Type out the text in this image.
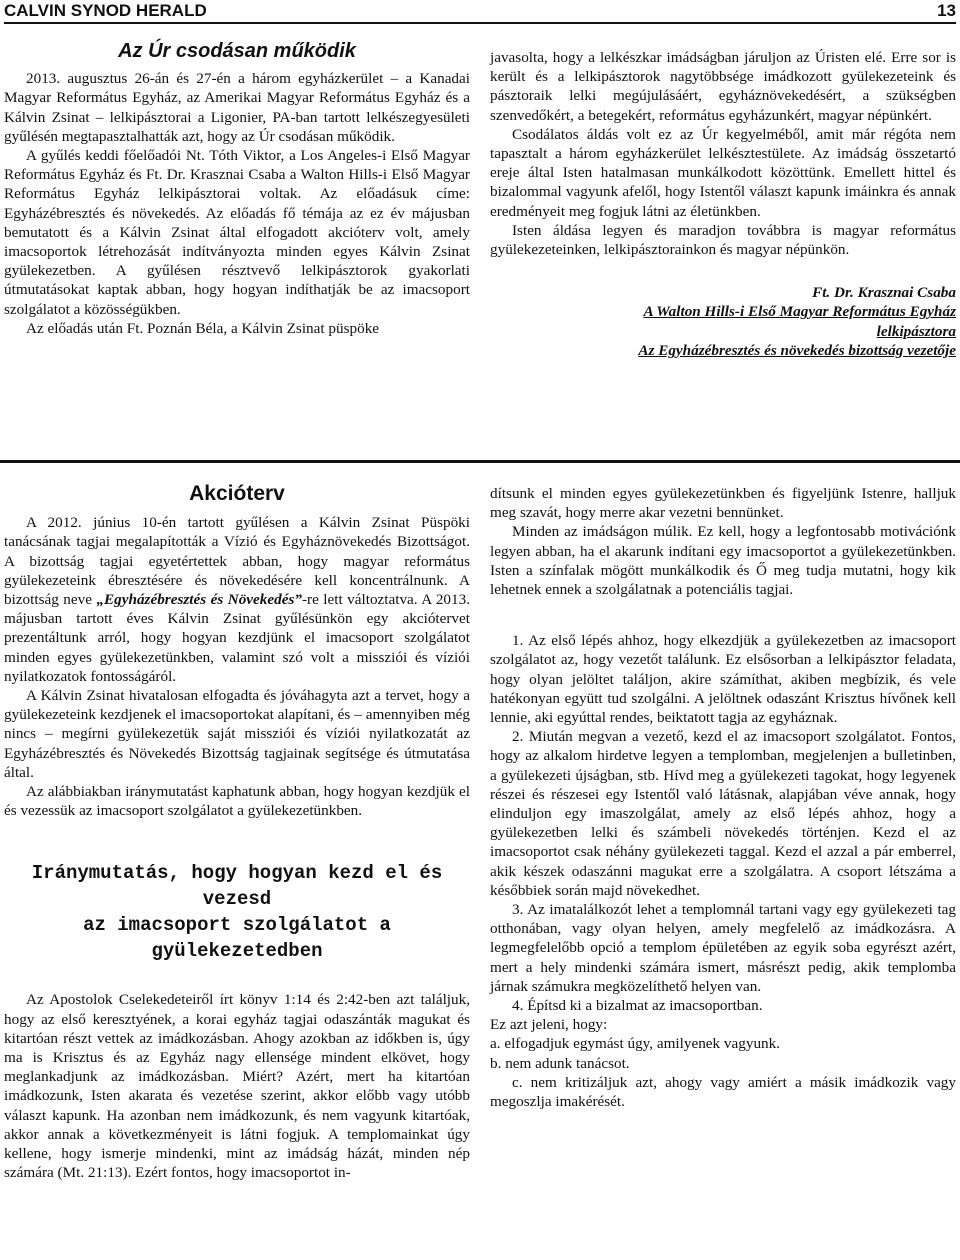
CALVIN SYNOD HERALD	13
Az Úr csodásan működik

2013. augusztus 26-án és 27-én a három egyházkerület – a Kanadai Magyar Református Egyház, az Amerikai Magyar Református Egyház és a Kálvin Zsinat – lelkipásztorai a Ligonier, PA-ban tartott lelkészegyesületi gyűlésén megtapasztalhatták azt, hogy az Úr csodásan működik.

A gyűlés keddi főelőadói Nt. Tóth Viktor, a Los Angeles-i Első Magyar Református Egyház és Ft. Dr. Krasznai Csaba a Walton Hills-i Első Magyar Református Egyház lelkipásztorai voltak. Az előadásuk címe: Egyházébresztés és növekedés. Az előadás fő témája az ez év májusban bemutatott és a Kálvin Zsinat által elfogadott akcióterv volt, amely imacsoportok létrehozását indítványozta minden egyes Kálvin Zsinat gyülekezetben. A gyűlésen résztvevő lelkipásztorok gyakorlati útmutatásokat kaptak abban, hogy hogyan indíthatják be az imacsoport szolgálatot a közösségükben.

Az előadás után Ft. Poznán Béla, a Kálvin Zsinat püspöke

javasolta, hogy a lelkészkar imádságban járuljon az Úristen elé. Erre sor is került és a lelkipásztorok nagytöbbsége imádkozott gyülekezeteink és pásztoraik lelki megújulásáért, egyháznövekedésért, a szükségben szenvedőkért, a betegekért, református egyházunkért, magyar népünkért.

Csodálatos áldás volt ez az Úr kegyelméből, amit már régóta nem tapasztalt a három egyházkerület lelkésztestülete. Az imádság összetartó ereje által Isten hatalmasan munkálkodott közöttünk. Emellett hittel és bizalommal vagyunk afelől, hogy Istentől választ kapunk imáinkra és annak eredményeit meg fogjuk látni az életünkben.

Isten áldása legyen és maradjon továbbra is magyar református gyülekezeteinken, lelkipásztorainkon és magyar népünkön.

Ft. Dr. Krasznai Csaba

A Walton Hills-i Első Magyar Református Egyház

lelkipásztora

Az Egyházébresztés és növekedés bizottság vezetője

Akcióterv

A 2012. június 10-én tartott gyűlésen a Kálvin Zsinat Püspöki tanácsának tagjai megalapították a Vízió és Egyháznövekedés Bizottságot. A bizottság tagjai egyetértettek abban, hogy magyar református gyülekezeteink ébresztésére és növekedésére kell koncentrálnunk. A bizottság neve „Egyházébresztés és Növekedés”-re lett változtatva. A 2013. májusban tartott éves Kálvin Zsinat gyűlésünkön egy akciótervet prezentáltunk arról, hogy hogyan kezdjünk el imacsoport szolgálatot minden egyes gyülekezetünkben, valamint szó volt a missziói és víziói nyilatkozatok fontosságáról.

A Kálvin Zsinat hivatalosan elfogadta és jóváhagyta azt a tervet, hogy a gyülekezeteink kezdjenek el imacsoportokat alapítani, és – amennyiben még nincs – megírni gyülekezetük saját missziói és víziói nyilatkozatát az Egyházébresztés és Növekedés Bizottság tagjainak segítsége és útmutatása által.

Az alábbiakban iránymutatást kaphatunk abban, hogy hogyan kezdjük el és vezessük az imacsoport szolgálatot a gyülekezetünkben.

Iránymutatás, hogy hogyan kezd el és vezesd
az imacsoport szolgálatot a gyülekezetedben

Az Apostolok Cselekedeteiről írt könyv 1:14 és 2:42-ben azt találjuk, hogy az első keresztyének, a korai egyház tagjai odaszánták magukat és kitartóan részt vettek az imádkozásban. Ahogy azokban az időkben is, úgy ma is Krisztus és az Egyház nagy ellensége mindent elkövet, hogy meglankadjunk az imádkozásban. Miért? Azért, mert ha kitartóan imádkozunk, Isten akarata és vezetése szerint, akkor előbb vagy utóbb választ kapunk. Ha azonban nem imádkozunk, és nem vagyunk kitartóak, akkor annak a következményeit is látni fogjuk. A templomainkat úgy kellene, hogy ismerje mindenki, mint az imádság házát, minden nép számára (Mt. 21:13). Ezért fontos, hogy imacsoportot in-

dítsunk el minden egyes gyülekezetünkben és figyeljünk Istenre, halljuk meg szavát, hogy merre akar vezetni bennünket.

Minden az imádságon múlik. Ez kell, hogy a legfontosabb motivációnk legyen abban, ha el akarunk indítani egy imacsoportot a gyülekezetünkben. Isten a színfalak mögött munkálkodik és Ő meg tudja mutatni, hogy kik lehetnek ennek a szolgálatnak a potenciális tagjai.

1. Az első lépés ahhoz, hogy elkezdjük a gyülekezetben az imacsoport szolgálatot az, hogy vezetőt találunk. Ez elsősorban a lelkipásztor feladata, hogy olyan jelöltet találjon, akire számíthat, akiben megbízik, és vele hatékonyan együtt tud szolgálni. A jelöltnek odaszánt Krisztus hívőnek kell lennie, aki egyúttal rendes, beiktatott tagja az egyháznak.

2. Miután megvan a vezető, kezd el az imacsoport szolgálatot. Fontos, hogy az alkalom hirdetve legyen a templomban, megjelenjen a bulletinben, a gyülekezeti újságban, stb. Hívd meg a gyülekezeti tagokat, hogy legyenek részei és részesei egy Istentől való látásnak, alapjában véve annak, hogy elinduljon egy imaszolgálat, amely az első lépés ahhoz, hogy a gyülekezetben lelki és számbeli növekedés történjen. Kezd el az imacsoportot csak néhány gyülekezeti taggal. Kezd el azzal a pár emberrel, akik készek odaszánni magukat erre a szolgálatra. A csoport létszáma a későbbiek során majd növekedhet.

3. Az imatalálkozót lehet a templomnál tartani vagy egy gyülekezeti tag otthonában, vagy olyan helyen, amely megfelelő az imádkozásra. A legmegfelelőbb opció a templom épületében az egyik soba egyrészt azért, mert a hely mindenki számára ismert, másrészt pedig, akik templomba járnak számukra megközelíthető helyen van.

4. Építsd ki a bizalmat az imacsoportban.

Ez azt jeleni, hogy:

a. elfogadjuk egymást úgy, amilyenek vagyunk.

b. nem adunk tanácsot.

c. nem kritizáljuk azt, ahogy vagy amiért a másik imádkozik vagy megoszlja imakérését.
